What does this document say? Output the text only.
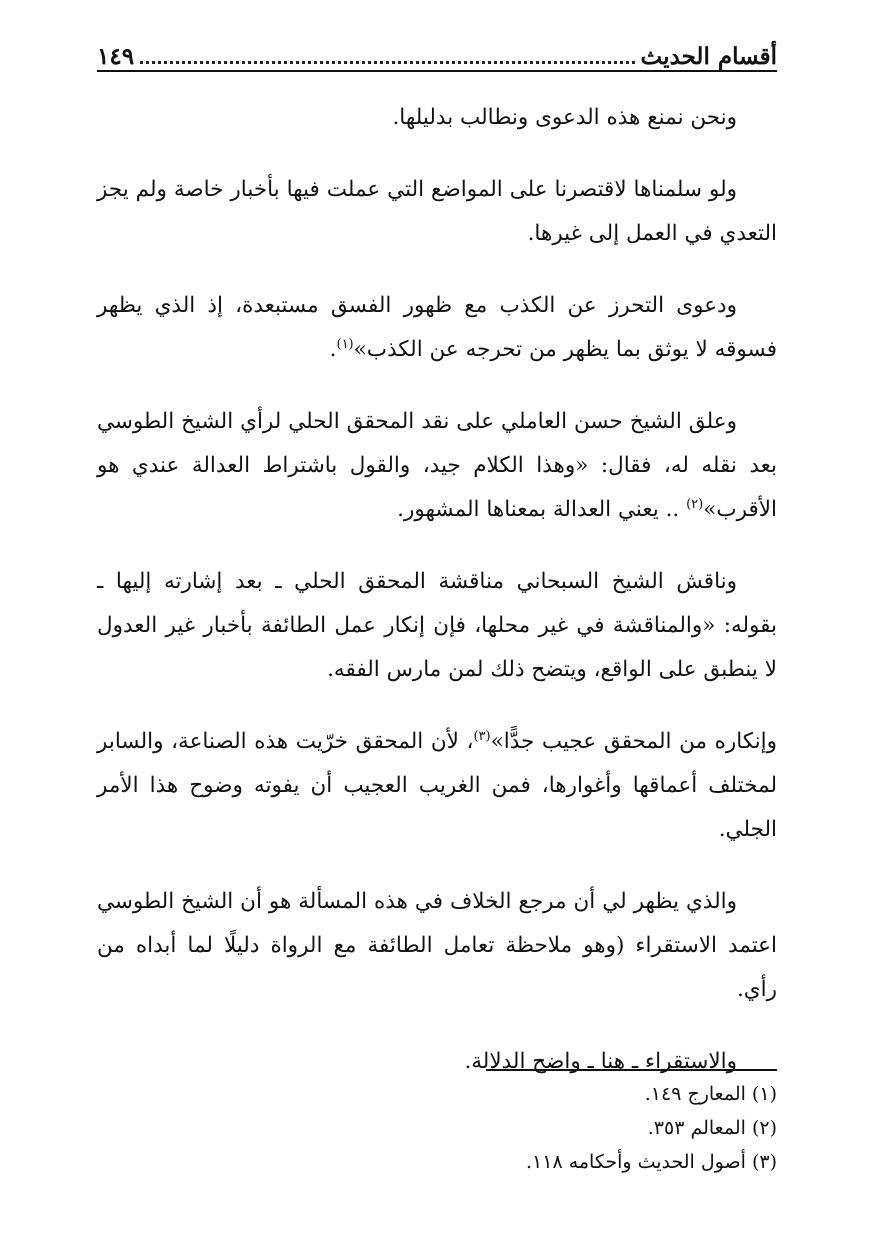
أقسام الحديث
١٤٩

ونحن نمنع هذه الدعوى ونطالب بدليلها.

ولو سلمناها لاقتصرنا على المواضع التي عملت فيها بأخبار خاصة ولم يجز التعدي في العمل إلى غيرها.

ودعوى التحرز عن الكذب مع ظهور الفسق مستبعدة، إذ الذي يظهر فسوقه لا يوثق بما يظهر من تحرجه عن الكذب»$^{(١)}$.

وعلق الشيخ حسن العاملي على نقد المحقق الحلي لرأي الشيخ الطوسي بعد نقله له، فقال: «وهذا الكلام جيد، والقول باشتراط العدالة عندي هو الأقرب»$^{(٢)}$ .. يعني العدالة بمعناها المشهور.

وناقش الشيخ السبحاني مناقشة المحقق الحلي ـ بعد إشارته إليها ـ بقوله: «والمناقشة في غير محلها، فإن إنكار عمل الطائفة بأخبار غير العدول لا ينطبق على الواقع، ويتضح ذلك لمن مارس الفقه.

وإنكاره من المحقق عجيب جدًّا»$^{(٣)}$، لأن المحقق خرّيت هذه الصناعة، والسابر لمختلف أعماقها وأغوارها، فمن الغريب العجيب أن يفوته وضوح هذا الأمر الجلي.

والذي يظهر لي أن مرجع الخلاف في هذه المسألة هو أن الشيخ الطوسي اعتمد الاستقراء (وهو ملاحظة تعامل الطائفة مع الرواة دليلًا لما أبداه من رأي.

والاستقراء ـ هنا ـ واضح الدلالة.

(١) المعارج ١٤٩.

(٢) المعالم ٣٥٣.

(٣) أصول الحديث وأحكامه ١١٨.
